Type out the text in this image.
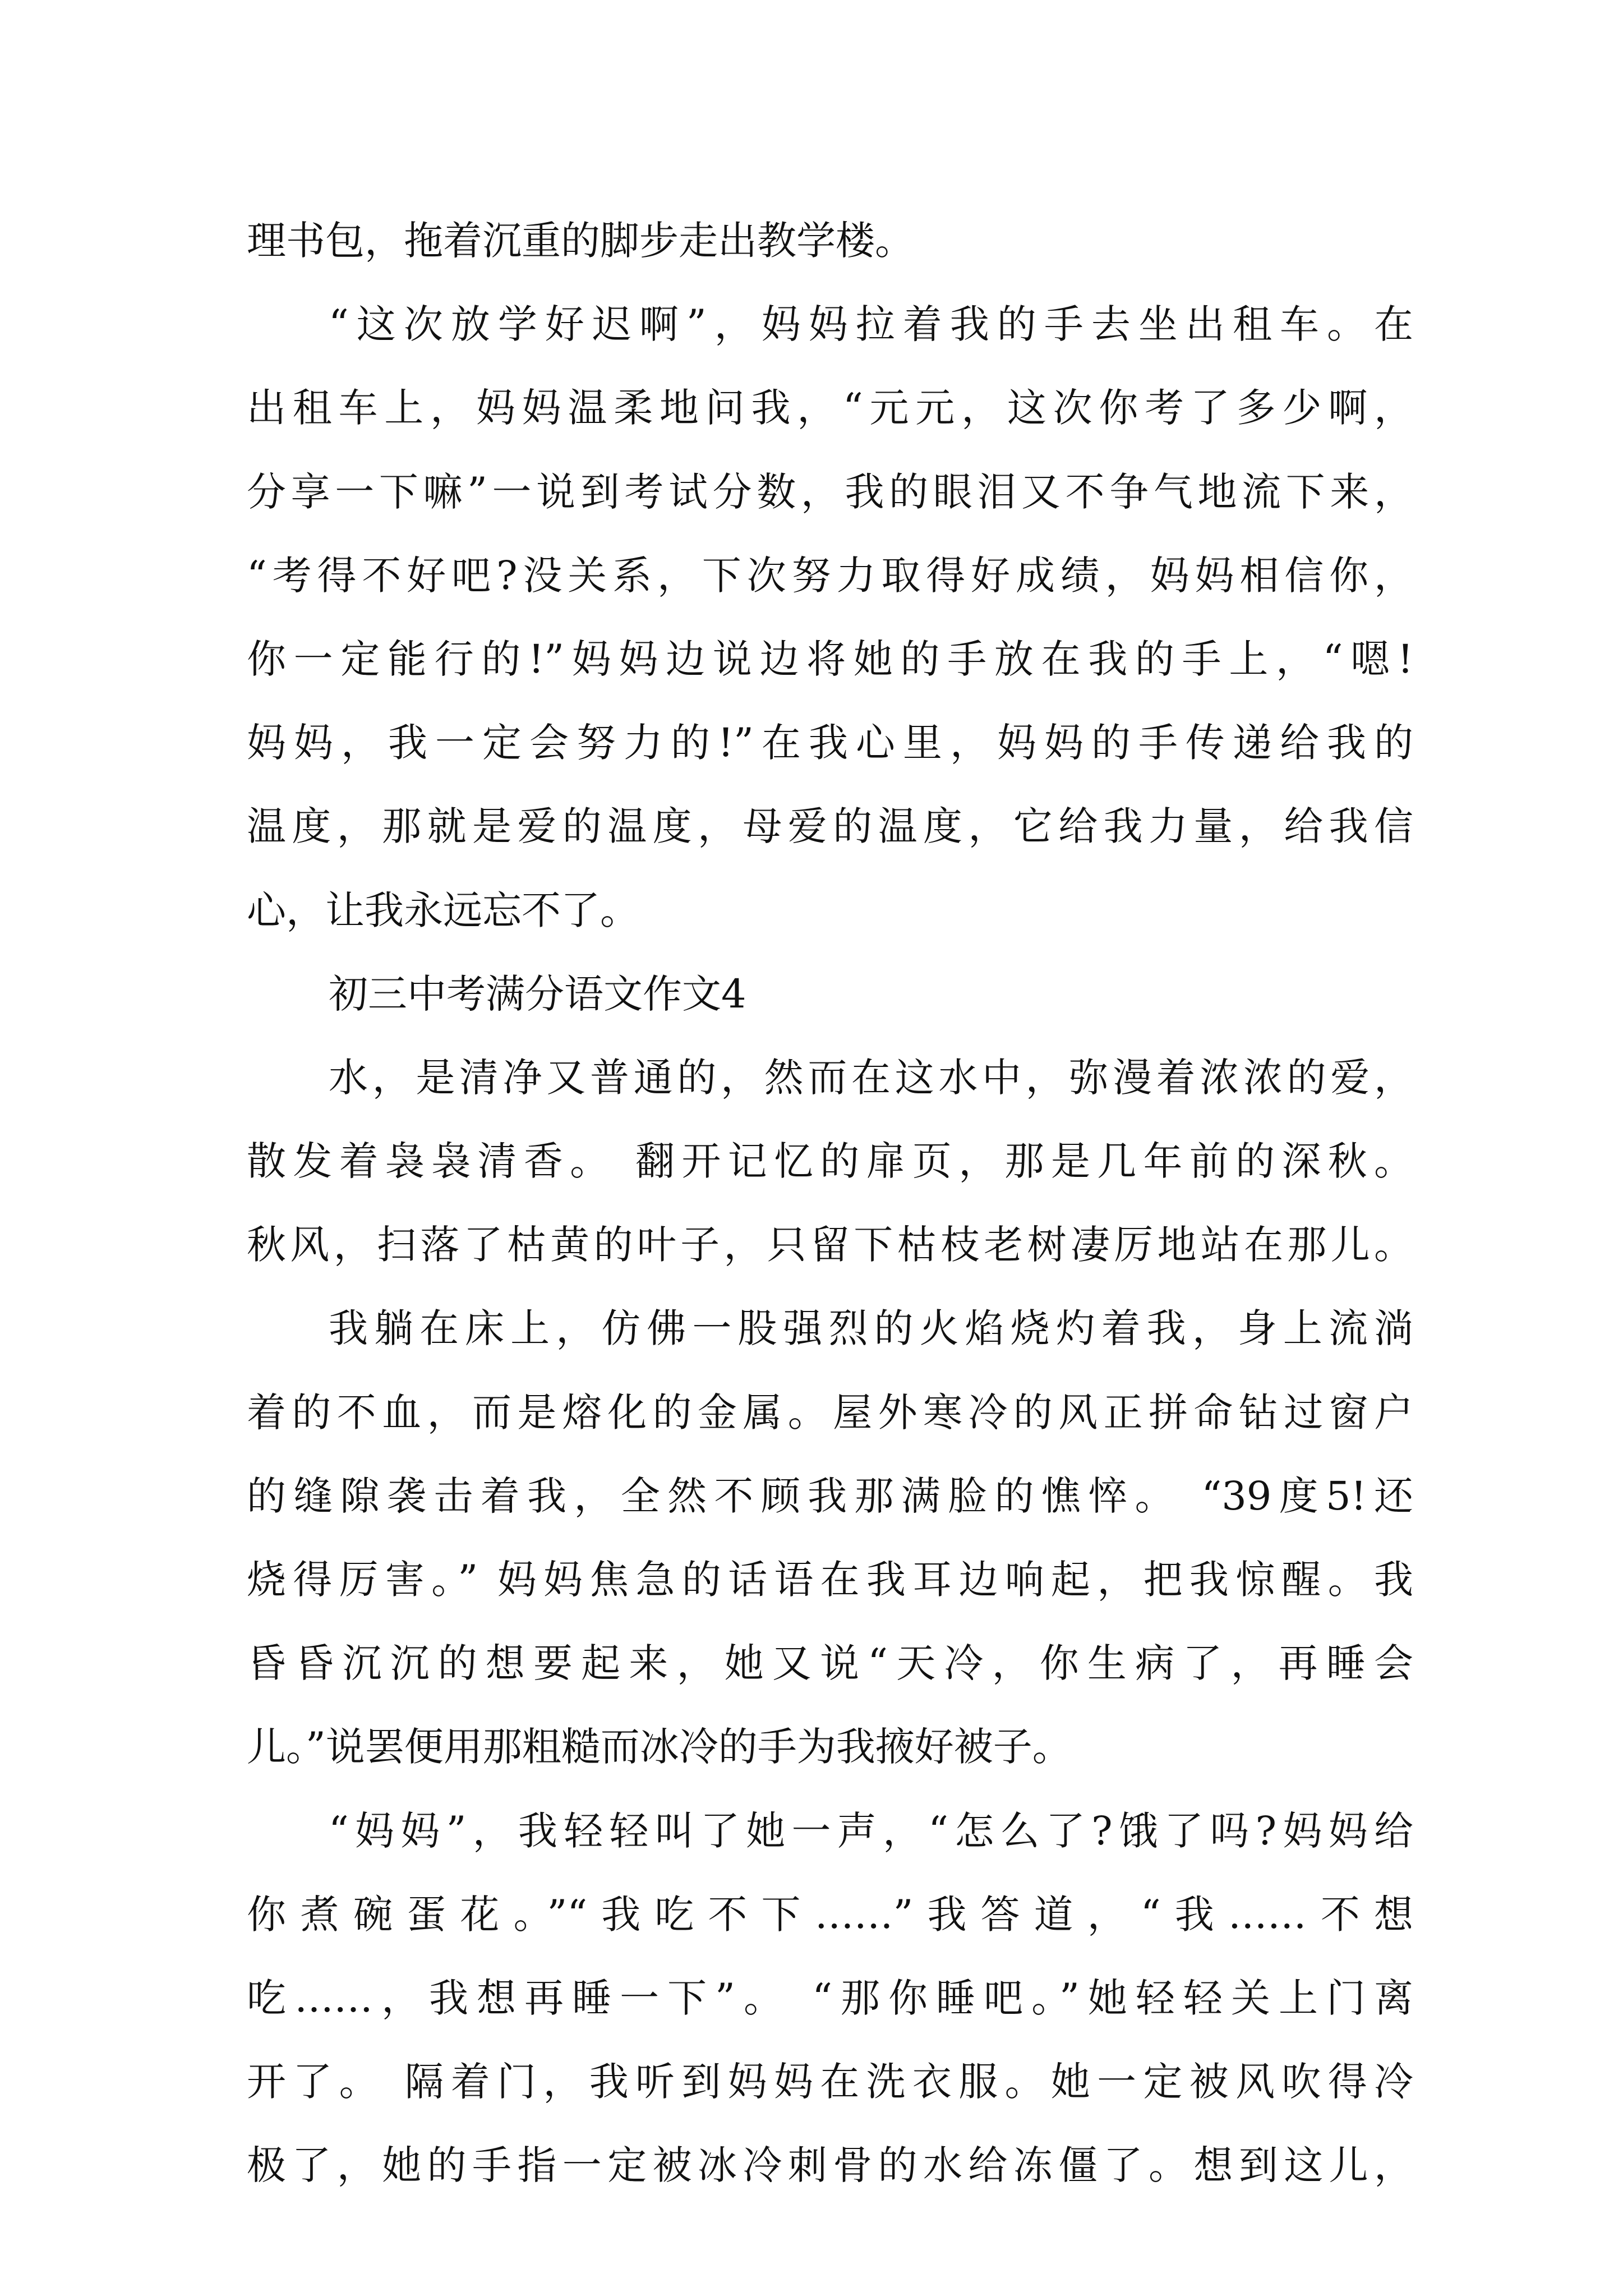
理书包，拖着沉重的脚步走出教学楼。
“这次放学好迟啊”，妈妈拉着我的手去坐出租车。在
出租车上，妈妈温柔地问我，“元元，这次你考了多少啊，
分享一下嘛”一说到考试分数，我的眼泪又不争气地流下来，
“考得不好吧?没关系，下次努力取得好成绩，妈妈相信你，
你一定能行的!”妈妈边说边将她的手放在我的手上，“嗯!
妈妈，我一定会努力的!”在我心里，妈妈的手传递给我的
温度，那就是爱的温度，母爱的温度，它给我力量，给我信
心，让我永远忘不了。
初三中考满分语文作文4
水，是清净又普通的，然而在这水中，弥漫着浓浓的爱，
散发着袅袅清香。 翻开记忆的扉页，那是几年前的深秋。
秋风，扫落了枯黄的叶子，只留下枯枝老树凄厉地站在那儿。
我躺在床上，仿佛一股强烈的火焰烧灼着我，身上流淌
着的不血，而是熔化的金属。屋外寒冷的风正拼命钻过窗户
的缝隙袭击着我，全然不顾我那满脸的憔悴。 “39度5!还
烧得厉害。” 妈妈焦急的话语在我耳边响起，把我惊醒。我
昏昏沉沉的想要起来，她又说“天冷，你生病了，再睡会
儿。”说罢便用那粗糙而冰冷的手为我掖好被子。
“妈妈”，我轻轻叫了她一声，“怎么了?饿了吗?妈妈给
你煮碗蛋花。”“我吃不下……”我答道，“我……不想
吃……，我想再睡一下”。 “那你睡吧。”她轻轻关上门离
开了。 隔着门，我听到妈妈在洗衣服。她一定被风吹得冷
极了，她的手指一定被冰冷刺骨的水给冻僵了。想到这儿，
